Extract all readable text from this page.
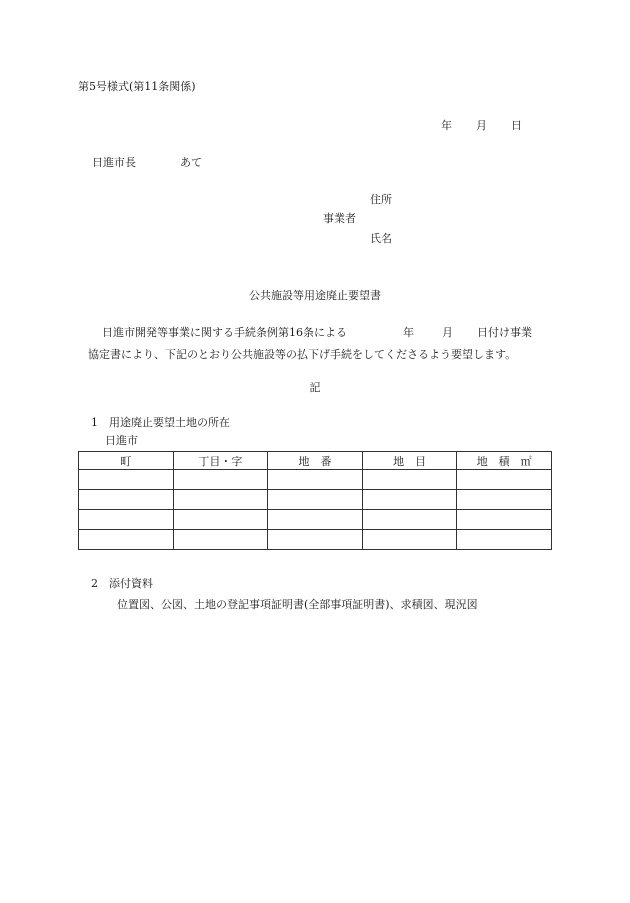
第5号様式(第11条関係)
年 月 日
日進市長	あて
住所
事業者
氏名
公共施設等用途廃止要望書
日進市開発等事業に関する手続条例第16条による	年	月 日付け事業
協定書により、下記のとおり公共施設等の払下げ手続をしてくださるよう要望します。
記
1　用途廃止要望土地の所在
日進市
町	丁目・字	地　番	地　目	地　積　㎡

2　添付資料
位置図、公図、土地の登記事項証明書(全部事項証明書)、求積図、現況図
